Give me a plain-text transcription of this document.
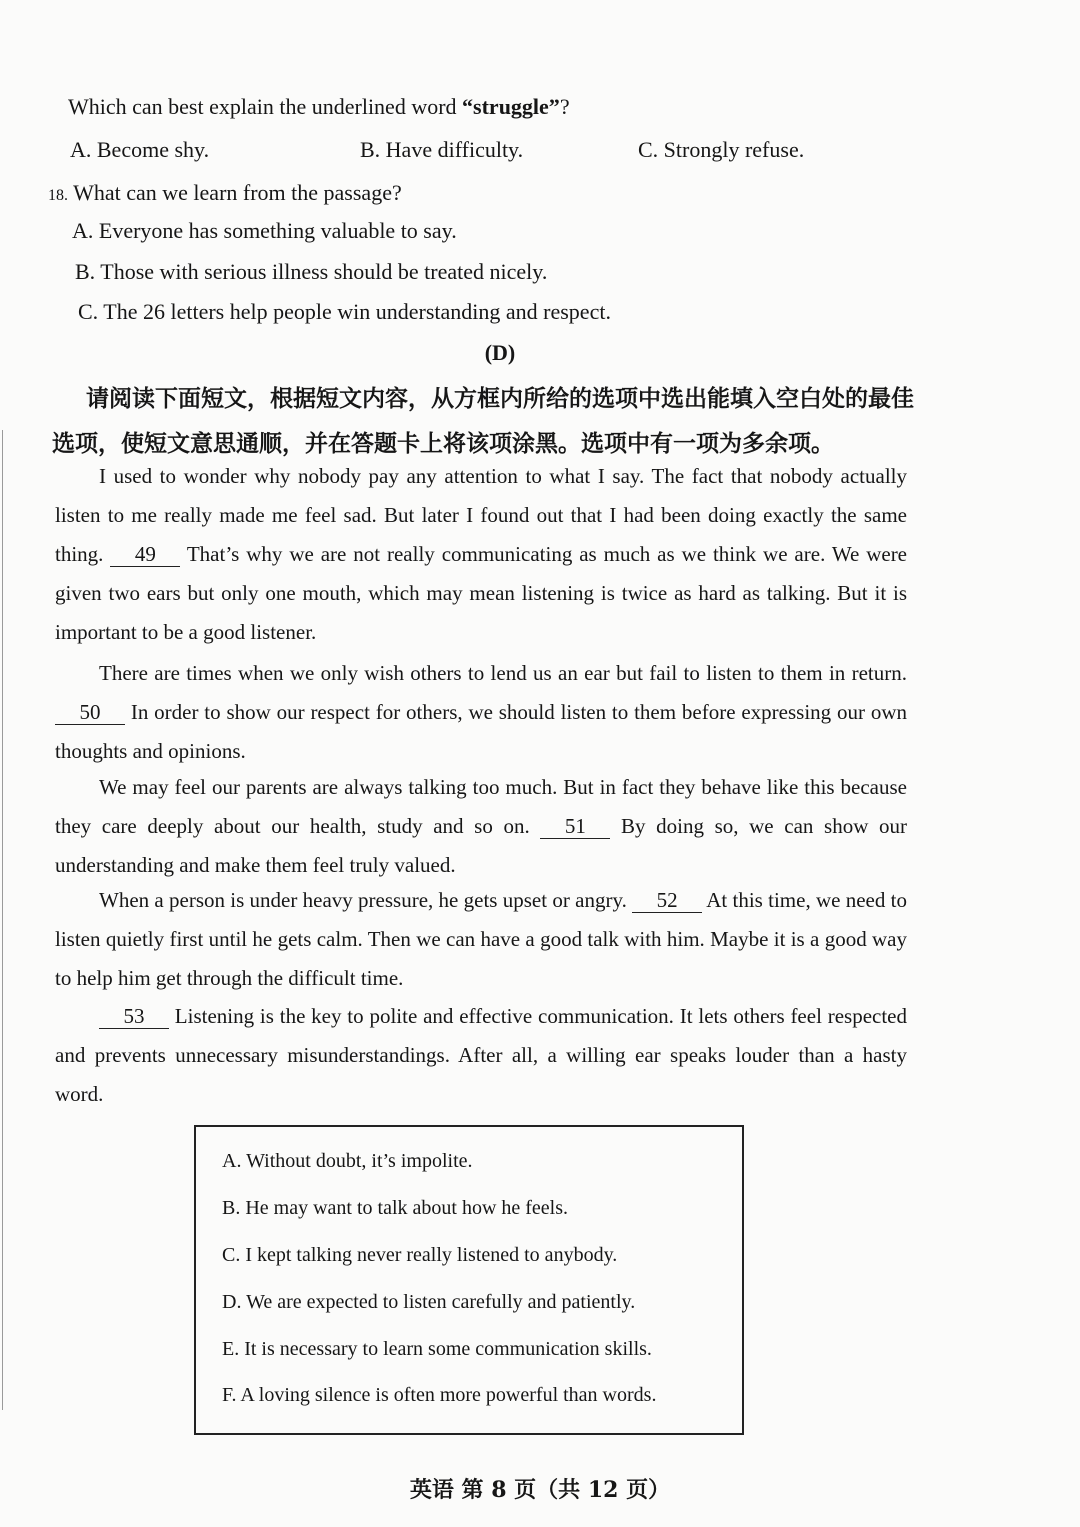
Which can best explain the underlined word “struggle”?
A. Become shy.	B. Have difficulty.	C. Strongly refuse.
18. What can we learn from the passage?
A. Everyone has something valuable to say.
B. Those with serious illness should be treated nicely.
C. The 26 letters help people win understanding and respect.
(D)
请阅读下面短文，根据短文内容，从方框内所给的选项中选出能填入空白处的最佳
选项，使短文意思通顺，并在答题卡上将该项涂黑。选项中有一项为多余项。

I used to wonder why nobody pay any attention to what I say. The fact that nobody actually listen to me really made me feel sad. But later I found out that I had been doing exactly the same thing. 49 That’s why we are not really communicating as much as we think we are. We were given two ears but only one mouth, which may mean listening is twice as hard as talking. But it is important to be a good listener.

There are times when we only wish others to lend us an ear but fail to listen to them in return. 50 In order to show our respect for others, we should listen to them before expressing our own thoughts and opinions.

We may feel our parents are always talking too much. But in fact they behave like this because they care deeply about our health, study and so on. 51 By doing so, we can show our understanding and make them feel truly valued.

When a person is under heavy pressure, he gets upset or angry. 52 At this time, we need to listen quietly first until he gets calm. Then we can have a good talk with him. Maybe it is a good way to help him get through the difficult time.

53 Listening is the key to polite and effective communication. It lets others feel respected and prevents unnecessary misunderstandings. After all, a willing ear speaks louder than a hasty word.

A. Without doubt, it’s impolite.
B. He may want to talk about how he feels.
C. I kept talking never really listened to anybody.
D. We are expected to listen carefully and patiently.
E. It is necessary to learn some communication skills.
F. A loving silence is often more powerful than words.
英语 第 8 页（共 12 页）
